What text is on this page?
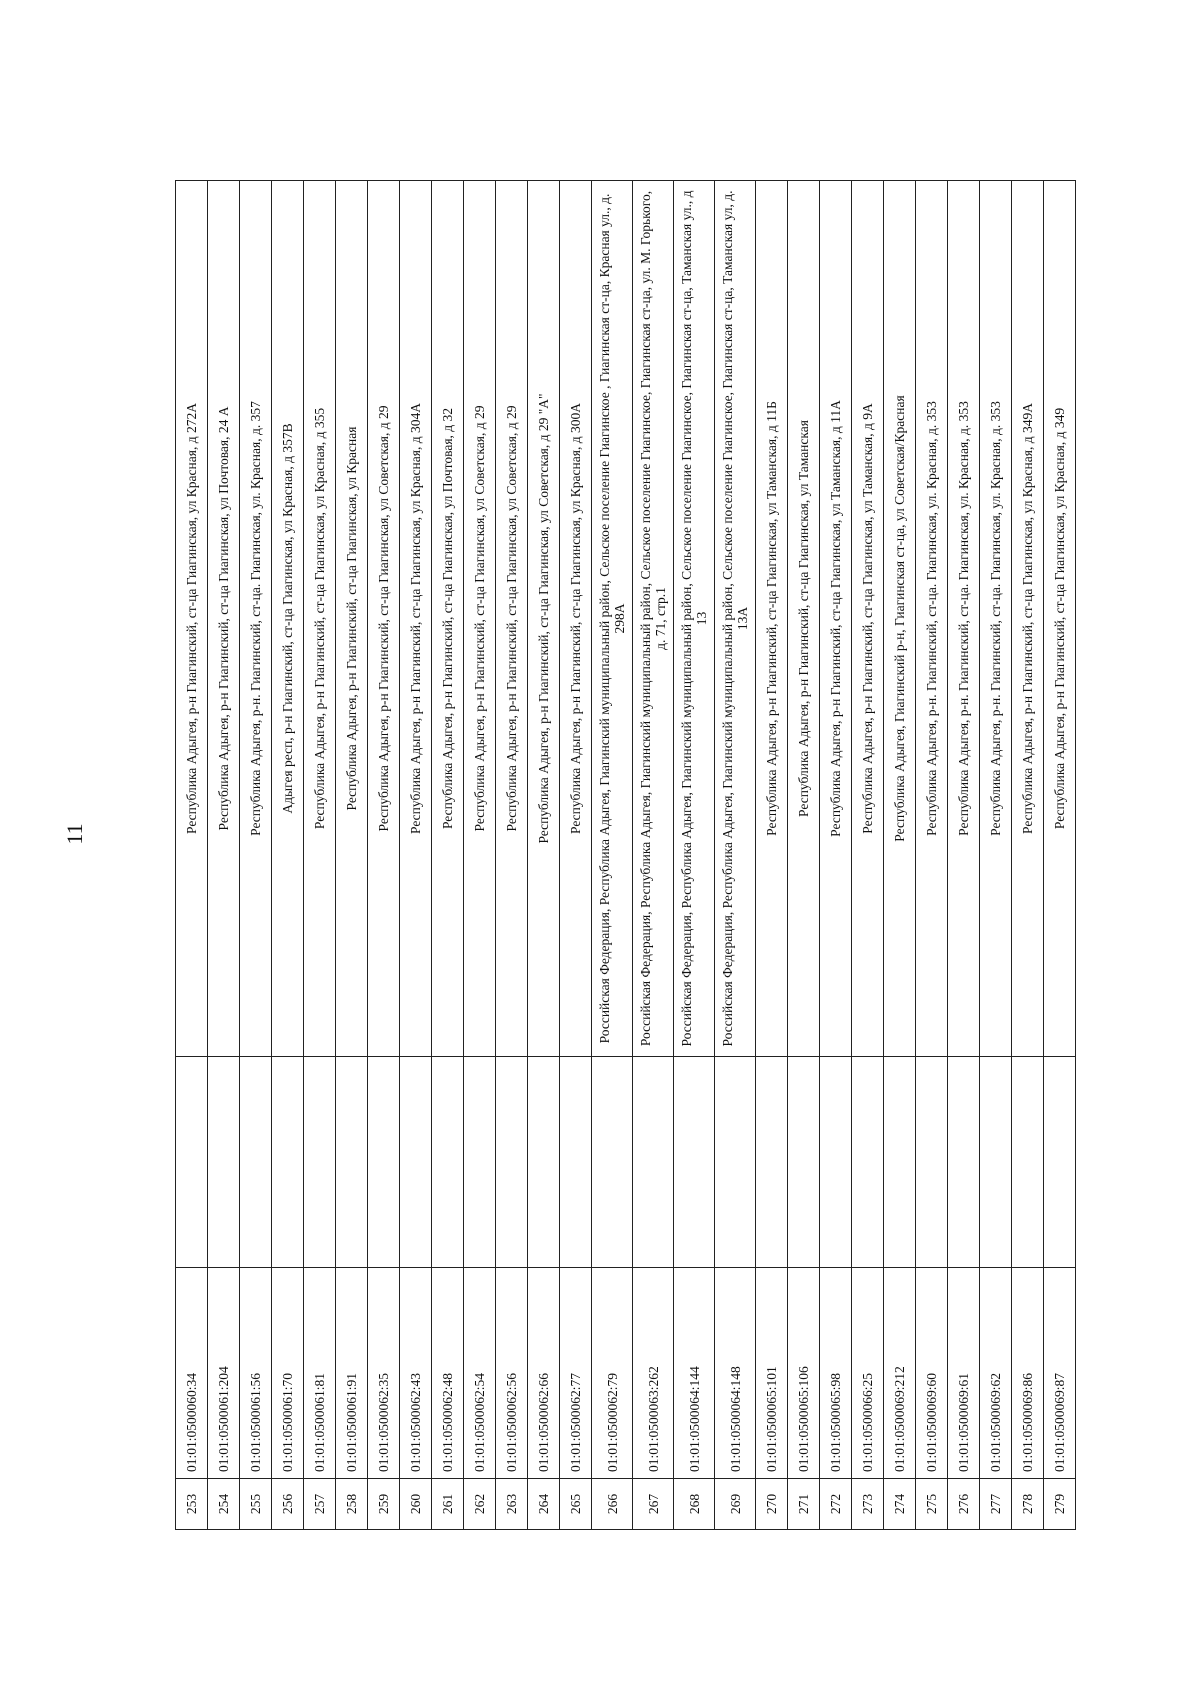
11
253	01:01:0500060:34		Республика Адыгея, р-н Гиагинский, ст-ца Гиагинская, ул Красная, д 272А
254	01:01:0500061:204		Республика Адыгея, р-н Гиагинский, ст-ца Гиагинская, ул Почтовая, 24 А
255	01:01:0500061:56		Республика Адыгея, р-н. Гиагинский, ст-ца. Гиагинская, ул. Красная, д. 357
256	01:01:0500061:70		Адыгея респ, р-н Гиагинский, ст-ца Гиагинская, ул Красная, д 357В
257	01:01:0500061:81		Республика Адыгея, р-н Гиагинский, ст-ца Гиагинская, ул Красная, д 355
258	01:01:0500061:91		Республика Адыгея, р-н Гиагинский, ст-ца Гиагинская, ул Красная
259	01:01:0500062:35		Республика Адыгея, р-н Гиагинский, ст-ца Гиагинская, ул Советская, д 29
260	01:01:0500062:43		Республика Адыгея, р-н Гиагинский, ст-ца Гиагинская, ул Красная, д 304А
261	01:01:0500062:48		Республика Адыгея, р-н Гиагинский, ст-ца Гиагинская, ул Почтовая, д 32
262	01:01:0500062:54		Республика Адыгея, р-н Гиагинский, ст-ца Гиагинская, ул Советская, д 29
263	01:01:0500062:56		Республика Адыгея, р-н Гиагинский, ст-ца Гиагинская, ул Советская, д 29
264	01:01:0500062:66		Республика Адыгея, р-н Гиагинский, ст-ца Гиагинская, ул Советская, д 29 "А"
265	01:01:0500062:77		Республика Адыгея, р-н Гиагинский, ст-ца Гиагинская, ул Красная, д 300А
266	01:01:0500062:79		Российская Федерация, Республика Адыгея, Гиагинский муниципальный район, Сельское поселение Гиагинское , Гиагинская ст-ца, Красная ул., д. 298А
267	01:01:0500063:262		Российская Федерация, Республика Адыгея, Гиагинский муниципальный район, Сельское поселение Гиагинское, Гиагинская ст-ца, ул. М. Горького, д. 71, стр.1
268	01:01:0500064:144		Российская Федерация, Республика Адыгея, Гиагинский муниципальный район, Сельское поселение Гиагинское, Гиагинская ст-ца, Таманская ул., д 13
269	01:01:0500064:148		Российская Федерация, Республика Адыгея, Гиагинский муниципальный район, Сельское поселение Гиагинское, Гиагинская ст-ца, Таманская ул, д. 13А
270	01:01:0500065:101		Республика Адыгея, р-н Гиагинский, ст-ца Гиагинская, ул Таманская, д 11Б
271	01:01:0500065:106		Республика Адыгея, р-н Гиагинский, ст-ца Гиагинская, ул Таманская
272	01:01:0500065:98		Республика Адыгея, р-н Гиагинский, ст-ца Гиагинская, ул Таманская, д 11А
273	01:01:0500066:25		Республика Адыгея, р-н Гиагинский, ст-ца Гиагинская, ул Таманская, д 9А
274	01:01:0500069:212		Республика Адыгея, Гиагинский р-н, Гиагинская ст-ца, ул Советская/Красная
275	01:01:0500069:60		Республика Адыгея, р-н. Гиагинский, ст-ца. Гиагинская, ул. Красная, д. 353
276	01:01:0500069:61		Республика Адыгея, р-н. Гиагинский, ст-ца. Гиагинская, ул. Красная, д. 353
277	01:01:0500069:62		Республика Адыгея, р-н. Гиагинский, ст-ца. Гиагинская, ул. Красная, д. 353
278	01:01:0500069:86		Республика Адыгея, р-н Гиагинский, ст-ца Гиагинская, ул Красная, д 349А
279	01:01:0500069:87		Республика Адыгея, р-н Гиагинский, ст-ца Гиагинская, ул Красная, д 349
